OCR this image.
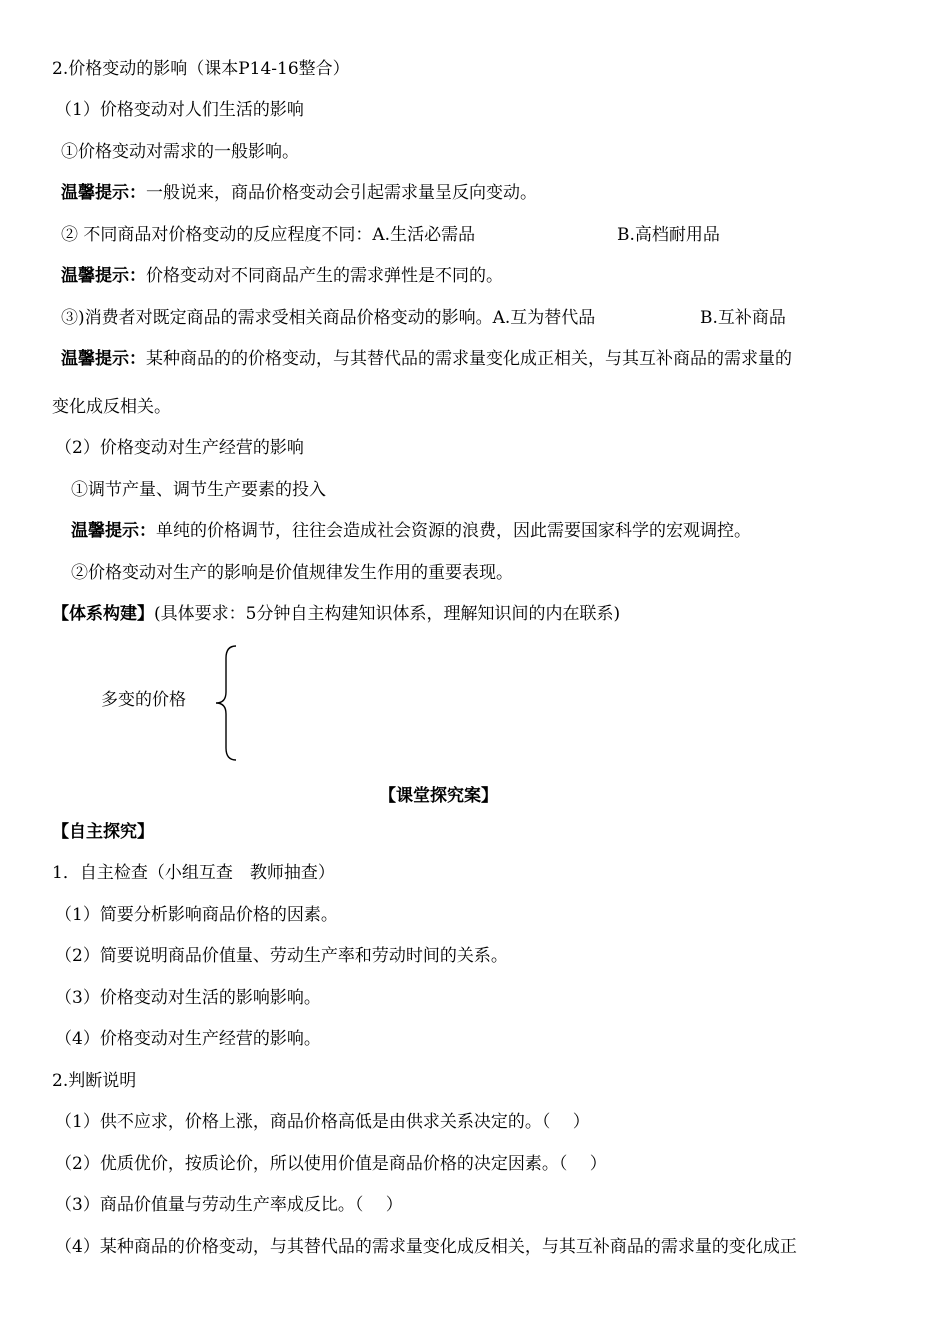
2.价格变动的影响（课本P14-16整合）
（1）价格变动对人们生活的影响
①价格变动对需求的一般影响。
温馨提示：一般说来，商品价格变动会引起需求量呈反向变动。
② 不同商品对价格变动的反应程度不同：A.生活必需品	B.高档耐用品
温馨提示：价格变动对不同商品产生的需求弹性是不同的。
③)消费者对既定商品的需求受相关商品价格变动的影响。A.互为替代品	B.互补商品
温馨提示：某种商品的的价格变动，与其替代品的需求量变化成正相关，与其互补商品的需求量的
变化成反相关。
（2）价格变动对生产经营的影响
①调节产量、调节生产要素的投入
温馨提示：单纯的价格调节，往往会造成社会资源的浪费，因此需要国家科学的宏观调控。
②价格变动对生产的影响是价值规律发生作用的重要表现。
【体系构建】(具体要求：5分钟自主构建知识体系，理解知识间的内在联系)
多变的价格
【课堂探究案】
【自主探究】
1．自主检查（小组互查　教师抽查）
（1）简要分析影响商品价格的因素。
（2）简要说明商品价值量、劳动生产率和劳动时间的关系。
（3）价格变动对生活的影响影响。
（4）价格变动对生产经营的影响。
2.判断说明
（1）供不应求，价格上涨，商品价格高低是由供求关系决定的。（　 ）
（2）优质优价，按质论价，所以使用价值是商品价格的决定因素。（　 ）
（3）商品价值量与劳动生产率成反比。（　 ）
（4）某种商品的价格变动，与其替代品的需求量变化成反相关，与其互补商品的需求量的变化成正
